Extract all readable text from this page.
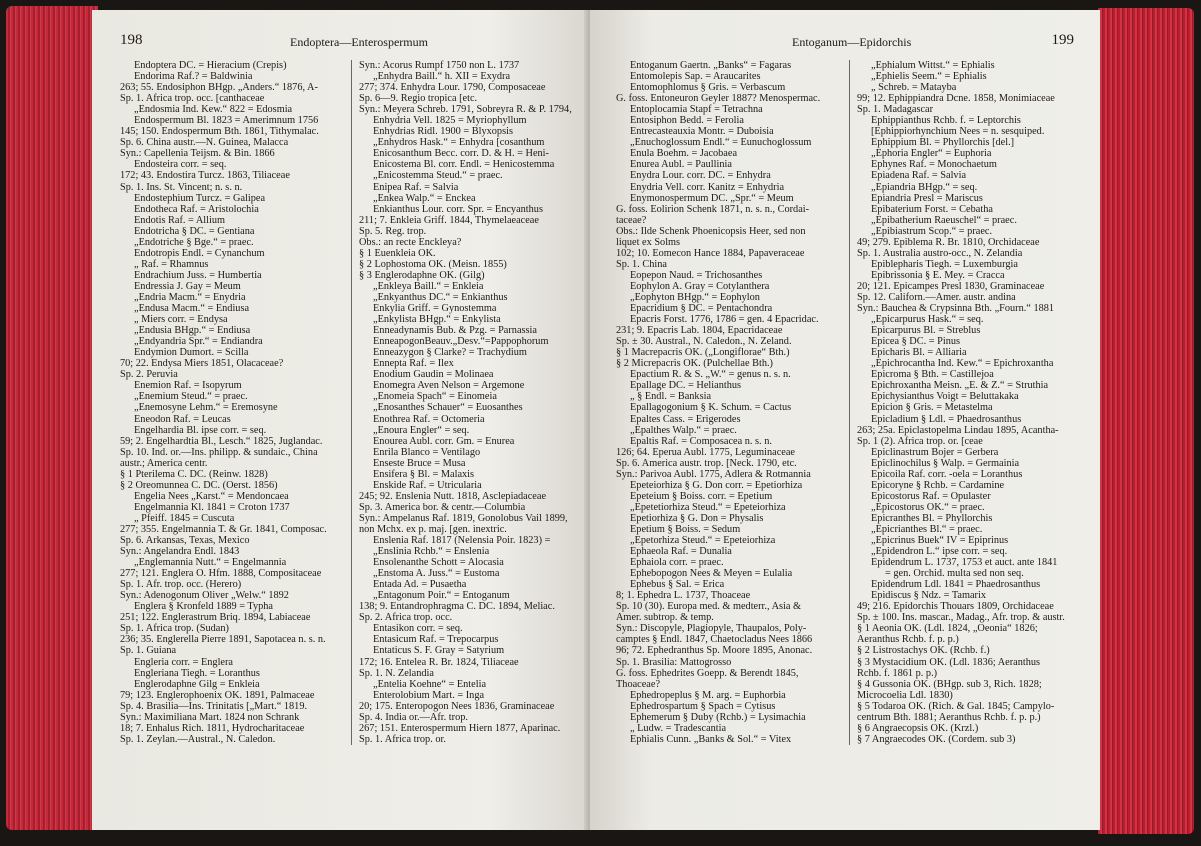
198	Endoptera—Enterospermum
Endoptera DC. = Hieracium (Crepis)
Endorima Raf.? = Baldwinia
263; 55. Endosiphon BHgp. „Anders.“ 1876, A-
Sp. 1. Africa trop. occ. [canthaceae
„Endosmia Ind. Kew.“ 822 = Edosmia
Endospermum Bl. 1823 = Amerimnum 1756
145; 150. Endospermum Bth. 1861, Tithymalac.
Sp. 6. China austr.—N. Guinea, Malacca
Syn.: Capellenia Teijsm. & Bin. 1866
Endosteira corr. = seq.
172; 43. Endostira Turcz. 1863, Tiliaceae
Sp. 1. Ins. St. Vincent; n. s. n.
Endostephium Turcz. = Galipea
Endotheca Raf. = Aristolochia
Endotis Raf. = Allium
Endotricha § DC. = Gentiana
„Endotriche § Bge.“ = praec.
Endotropis Endl. = Cynanchum
„ Raf. = Rhamnus
Endrachium Juss. = Humbertia
Endressia J. Gay = Meum
„Endria Macm.“ = Enydria
„Endusa Macm.“ = Endiusa
„ Miers corr. = Endysa
„Endusia BHgp.“ = Endiusa
„Endyandria Spr.“ = Endiandra
Endymion Dumort. = Scilla
70; 22. Endysa Miers 1851, Olacaceae?
Sp. 2. Peruvia
Enemion Raf. = Isopyrum
„Enemium Steud.“ = praec.
„Enemosyne Lehm.“ = Eremosyne
Eneodon Raf. = Leucas
Engelhardia Bl. ipse corr. = seq.
59; 2. Engelhardtia Bl., Lesch.“ 1825, Juglandac.
Sp. 10. Ind. or.—Ins. philipp. & sundaic., China
austr.; America centr.
§ 1 Pterilema C. DC. (Reinw. 1828)
§ 2 Oreomunnea C. DC. (Oerst. 1856)
Engelia Nees „Karst.“ = Mendoncaea
Engelmannia Kl. 1841 = Croton 1737
„ Pfeiff. 1845 = Cuscuta
277; 355. Engelmannia T. & Gr. 1841, Composac.
Sp. 6. Arkansas, Texas, Mexico
Syn.: Angelandra Endl. 1843
„Englemannia Nutt.“ = Engelmannia
277; 121. Englera O. Hfm. 1888, Compositaceae
Sp. 1. Afr. trop. occ. (Herero)
Syn.: Adenogonum Oliver „Welw.“ 1892
Englera § Kronfeld 1889 = Typha
251; 122. Englerastrum Briq. 1894, Labiaceae
Sp. 1. Africa trop. (Sudan)
236; 35. Englerella Pierre 1891, Sapotacea n. s. n.
Sp. 1. Guiana
Engleria corr. = Englera
Engleriana Tiegh. = Loranthus
Englerodaphne Gilg = Enkleia
79; 123. Englerophoenix OK. 1891, Palmaceae
Sp. 4. Brasilia—Ins. Trinitatis [„Mart.“ 1819.
Syn.: Maximiliana Mart. 1824 non Schrank
18; 7. Enhalus Rich. 1811, Hydrocharitaceae
Sp. 1. Zeylan.—Austral., N. Caledon.
Syn.: Acorus Rumpf 1750 non L. 1737
„Enhydra Baill.“ h. XII = Exydra
277; 374. Enhydra Lour. 1790, Composaceae
Sp. 6—9. Regio tropica [etc.
Syn.: Meyera Schreb. 1791, Sobreyra R. & P. 1794,
Enhydria Vell. 1825 = Myriophyllum
Enhydrias Ridl. 1900 = Blyxopsis
„Enhydros Hask.“ = Enhydra [cosanthum
Enicosanthum Becc. corr. D. & H. = Heni-
Enicostema Bl. corr. Endl. = Henicostemma
„Enicostemma Steud.“ = praec.
Enipea Raf. = Salvia
„Enkea Walp.“ = Enckea
Enkianthus Lour. corr. Spr. = Encyanthus
211; 7. Enkleia Griff. 1844, Thymelaeaceae
Sp. 5. Reg. trop.
Obs.: an recte Enckleya?
§ 1 Euenkleia OK.
§ 2 Lophostoma OK. (Meisn. 1855)
§ 3 Englerodaphne OK. (Gilg)
„Enkleya Baill.“ = Enkleia
„Enkyanthus DC.“ = Enkianthus
Enkylia Griff. = Gynostemma
„Enkylista BHgp.“ = Enkylista
Enneadynamis Bub. & Pzg. = Parnassia
EnneapogonBeauv.„Desv.“=Pappophorum
Enneazygon § Clarke? = Trachydium
Ennepta Raf. = Ilex
Enodium Gaudin = Molinaea
Enomegra Aven Nelson = Argemone
„Enomeia Spach“ = Einomeia
„Enosanthes Schauer“ = Euosanthes
Enothrea Raf. = Octomeria
„Enoura Engler“ = seq.
Enourea Aubl. corr. Gm. = Enurea
Enrila Blanco = Ventilago
Enseste Bruce = Musa
Ensifera § Bl. = Malaxis
Enskide Raf. = Utricularia
245; 92. Enslenia Nutt. 1818, Asclepiadaceae
Sp. 3. America bor. & centr.—Columbia
Syn.: Ampelanus Raf. 1819, Gonolobus Vail 1899,
non Mchx. ex p. maj. [gen. inextric.
Enslenia Raf. 1817 (Nelensia Poir. 1823) =
„Enslinia Rchb.“ = Enslenia
Ensolenanthe Schott = Alocasia
„Enstoma A. Juss.“ = Eustoma
Entada Ad. = Pusaetha
„Entagonum Poir.“ = Entoganum
138; 9. Entandrophragma C. DC. 1894, Meliac.
Sp. 2. Africa trop. occ.
Entasikon corr. = seq.
Entasicum Raf. = Trepocarpus
Entaticus S. F. Gray = Satyrium
172; 16. Entelea R. Br. 1824, Tiliaceae
Sp. 1. N. Zelandia
„Entelia Koehne“ = Entelia
Enterolobium Mart. = Inga
20; 175. Enteropogon Nees 1836, Graminaceae
Sp. 4. India or.—Afr. trop.
267; 151. Enterospermum Hiern 1877, Aparinac.
Sp. 1. Africa trop. or.
Entoganum—Epidorchis	199
Entoganum Gaertn. „Banks“ = Fagaras
Entomolepis Sap. = Araucarites
Entomophlomus § Gris. = Verbascum
G. foss. Entoneuron Geyler 1887? Menospermac.
Entoplocamia Stapf = Tetrachna
Entosiphon Bedd. = Ferolia
Entrecasteauxia Montr. = Duboisia
„Enuchoglossum Endl.“ = Eunuchoglossum
Enula Boehm. = Jacobaea
Enurea Aubl. = Paullinia
Enydra Lour. corr. DC. = Enhydra
Enydria Vell. corr. Kanitz = Enhydria
Enymonospermum DC. „Spr.“ = Meum
G. foss. Eolirion Schenk 1871, n. s. n., Cordai-
taceae?
Obs.: Ilde Schenk Phoenicopsis Heer, sed non
liquet ex Solms
102; 10. Eomecon Hance 1884, Papaveraceae
Sp. 1. China
Eopepon Naud. = Trichosanthes
Eophylon A. Gray = Cotylanthera
„Eophyton BHgp.“ = Eophylon
Epacridium § DC. = Pentachondra
Epacris Forst. 1776, 1786 = gen. 4 Epacridac.
231; 9. Epacris Lab. 1804, Epacridaceae
Sp. ± 30. Austral., N. Caledon., N. Zeland.
§ 1 Macrepacris OK. („Longiflorae“ Bth.)
§ 2 Micrepacris OK. (Pulchellae Bth.)
Epactium R. & S. „W.“ = genus n. s. n.
Epallage DC. = Helianthus
„ § Endl. = Banksia
Epallagogonium § K. Schum. = Cactus
Epaltes Cass. = Erigerodes
„Epalthes Walp.“ = praec.
Epaltis Raf. = Composacea n. s. n.
126; 64. Eperua Aubl. 1775, Leguminaceae
Sp. 6. America austr. trop. [Neck. 1790, etc.
Syn.: Parivoa Aubl. 1775, Adlera & Rotmannia
Epeteiorhiza § G. Don corr. = Epetiorhiza
Epeteium § Boiss. corr. = Epetium
„Epetetiorhiza Steud.“ = Epeteiorhiza
Epetiorhiza § G. Don = Physalis
Epetium § Boiss. = Sedum
„Epetorhiza Steud.“ = Epeteiorhiza
Ephaeola Raf. = Dunalia
Ephaiola corr. = praec.
Ephebopogon Nees & Meyen = Eulalia
Ephebus § Sal. = Erica
8; 1. Ephedra L. 1737, Thoaceae
Sp. 10 (30). Europa med. & medterr., Asia &
Amer. subtrop. & temp.
Syn.: Discopyle, Plagiopyle, Thaupalos, Poly-
camptes § Endl. 1847, Chaetocladus Nees 1866
96; 72. Ephedranthus Sp. Moore 1895, Anonac.
Sp. 1. Brasilia: Mattogrosso
G. foss. Ephedrites Goepp. & Berendt 1845,
Thoaceae?
Ephedropeplus § M. arg. = Euphorbia
Ephedrospartum § Spach = Cytisus
Ephemerum § Duby (Rchb.) = Lysimachia
„ Ludw. = Tradescantia
Ephialis Cunn. „Banks & Sol.“ = Vitex
„Ephialum Wittst.“ = Ephialis
„Ephielis Seem.“ = Ephialis
„ Schreb. = Matayba
99; 12. Ephippiandra Dcne. 1858, Monimiaceae
Sp. 1. Madagascar
Ephippianthus Rchb. f. = Leptorchis
[Ephippiorhynchium Nees = n. sesquiped.
Ephippium Bl. = Phyllorchis [del.]
„Ephoria Engler“ = Euphoria
Ephynes Raf. = Monochaetum
Epiadena Raf. = Salvia
„Epiandria BHgp.“ = seq.
Epiandria Presl = Mariscus
Epibaterium Forst. = Cebatha
„Epibatherium Raeuschel“ = praec.
„Epibiastrum Scop.“ = praec.
49; 279. Epiblema R. Br. 1810, Orchidaceae
Sp. 1. Australia austro-occ., N. Zelandia
Epiblepharis Tiegh. = Luxemburgia
Epibrissonia § E. Mey. = Cracca
20; 121. Epicampes Presl 1830, Graminaceae
Sp. 12. Californ.—Amer. austr. andina
Syn.: Bauchea & Crypsinna Bth. „Fourn.“ 1881
„Epicarpurus Hask.“ = seq.
Epicarpurus Bl. = Streblus
Epicea § DC. = Pinus
Epicharis Bl. = Alliaria
„Epichrocantha Ind. Kew.“ = Epichroxantha
Epicroma § Bth. = Castillejoa
Epichroxantha Meisn. „E. & Z.“ = Struthia
Epichysianthus Voigt = Beluttakaka
Epicion § Gris. = Metastelma
Epicladium § Ldl. = Phaedrosanthus
263; 25a. Epiclastopelma Lindau 1895, Acantha-
Sp. 1 (2). Africa trop. or. [ceae
Epiclinastrum Bojer = Gerbera
Epiclinochilus § Walp. = Germainia
Epicoila Raf. corr. -oela = Loranthus
Epicoryne § Rchb. = Cardamine
Epicostorus Raf. = Opulaster
„Epicostorus OK.“ = praec.
Epicranthes Bl. = Phyllorchis
„Epicrianthes Bl.“ = praec.
„Epicrinus Buek“ IV = Epiprinus
„Epidendron L.“ ipse corr. = seq.
Epidendrum L. 1737, 1753 et auct. ante 1841
= gen. Orchid. multa sed non seq.
Epidendrum Ldl. 1841 = Phaedrosanthus
Epidiscus § Ndz. = Tamarix
49; 216. Epidorchis Thouars 1809, Orchidaceae
Sp. ± 100. Ins. mascar., Madag., Afr. trop. & austr.
§ 1 Aeonia OK. (Ldl. 1824, „Oeonia“ 1826;
Aeranthus Rchb. f. p. p.)
§ 2 Listrostachys OK. (Rchb. f.)
§ 3 Mystacidium OK. (Ldl. 1836; Aeranthus
Rchb. f. 1861 p. p.)
§ 4 Gussonia OK. (BHgp. sub 3, Rich. 1828;
Microcoelia Ldl. 1830)
§ 5 Todaroa OK. (Rich. & Gal. 1845; Campylo-
centrum Bth. 1881; Aeranthus Rchb. f. p. p.)
§ 6 Angraecopsis OK. (Krzl.)
§ 7 Angraecodes OK. (Cordem. sub 3)
